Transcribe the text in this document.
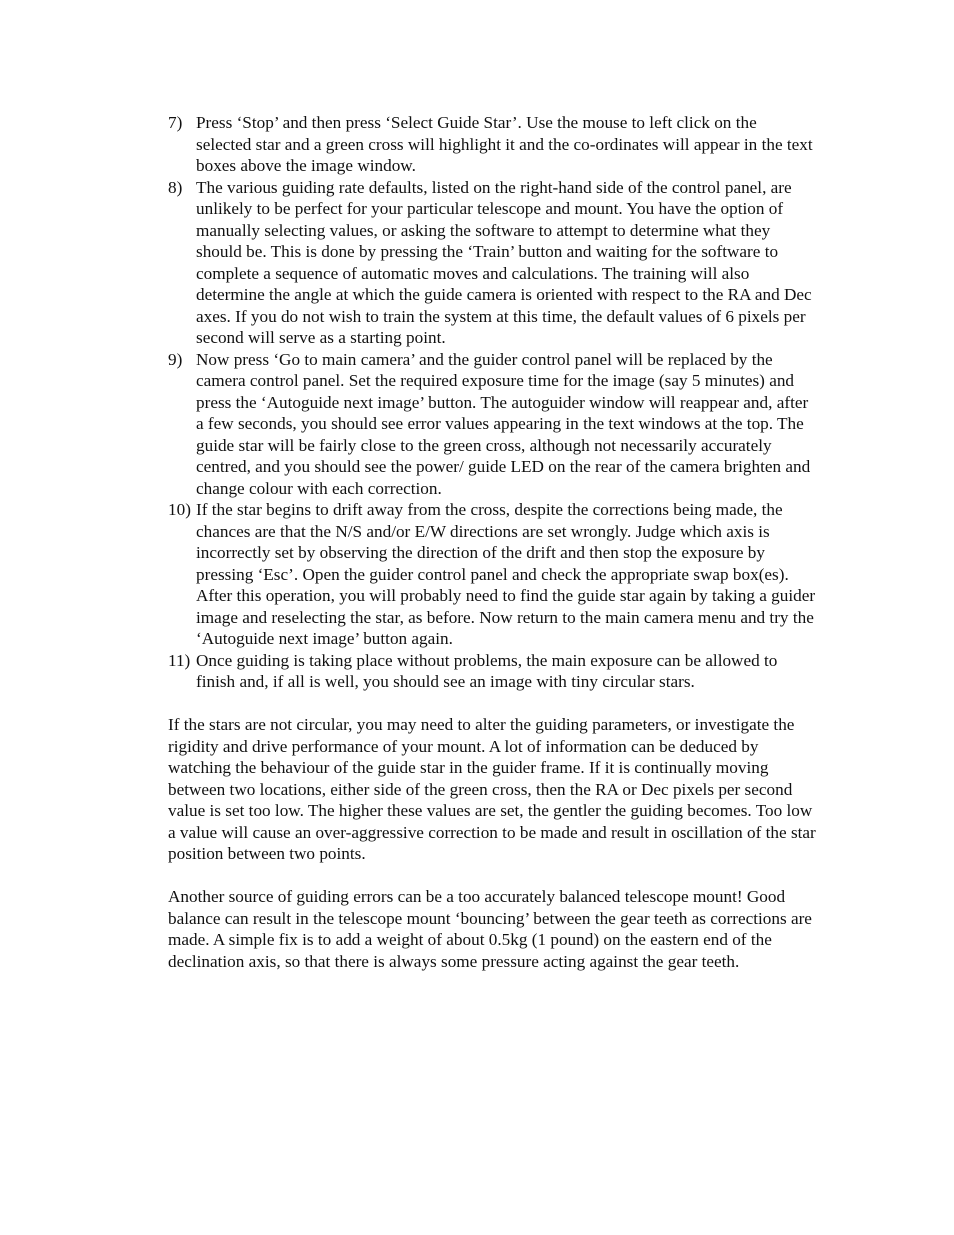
7) Press ‘Stop’ and then press ‘Select Guide Star’. Use the mouse to left click on the selected star and a green cross will highlight it and the co-ordinates will appear in the text boxes above the image window.
8) The various guiding rate defaults, listed on the right-hand side of the control panel, are unlikely to be perfect for your particular telescope and mount. You have the option of manually selecting values, or asking the software to attempt to determine what they should be. This is done by pressing the ‘Train’ button and waiting for the software to complete a sequence of automatic moves and calculations. The training will also determine the angle at which the guide camera is oriented with respect to the RA and Dec axes. If you do not wish to train the system at this time, the default values of 6 pixels per second will serve as a starting point.
9) Now press ‘Go to main camera’ and the guider control panel will be replaced by the camera control panel. Set the required exposure time for the image (say 5 minutes) and press the ‘Autoguide next image’ button. The autoguider window will reappear and, after a few seconds, you should see error values appearing in the text windows at the top. The guide star will be fairly close to the green cross, although not necessarily accurately centred, and you should see the power/ guide LED on the rear of the camera brighten and change colour with each correction.
10) If the star begins to drift away from the cross, despite the corrections being made, the chances are that the N/S and/or E/W directions are set wrongly. Judge which axis is incorrectly set by observing the direction of the drift and then stop the exposure by pressing ‘Esc’. Open the guider control panel and check the appropriate swap box(es). After this operation, you will probably need to find the guide star again by taking a guider image and reselecting the star, as before. Now return to the main camera menu and try the ‘Autoguide next image’ button again.
11) Once guiding is taking place without problems, the main exposure can be allowed to finish and, if all is well, you should see an image with tiny circular stars.

If the stars are not circular, you may need to alter the guiding parameters, or investigate the rigidity and drive performance of your mount. A lot of information can be deduced by watching the behaviour of the guide star in the guider frame. If it is continually moving between two locations, either side of the green cross, then the RA or Dec pixels per second value is set too low. The higher these values are set, the gentler the guiding becomes. Too low a value will cause an over-aggressive correction to be made and result in oscillation of the star position between two points.

Another source of guiding errors can be a too accurately balanced telescope mount! Good balance can result in the telescope mount ‘bouncing’ between the gear teeth as corrections are made. A simple fix is to add a weight of about 0.5kg (1 pound) on the eastern end of the declination axis, so that there is always some pressure acting against the gear teeth.
